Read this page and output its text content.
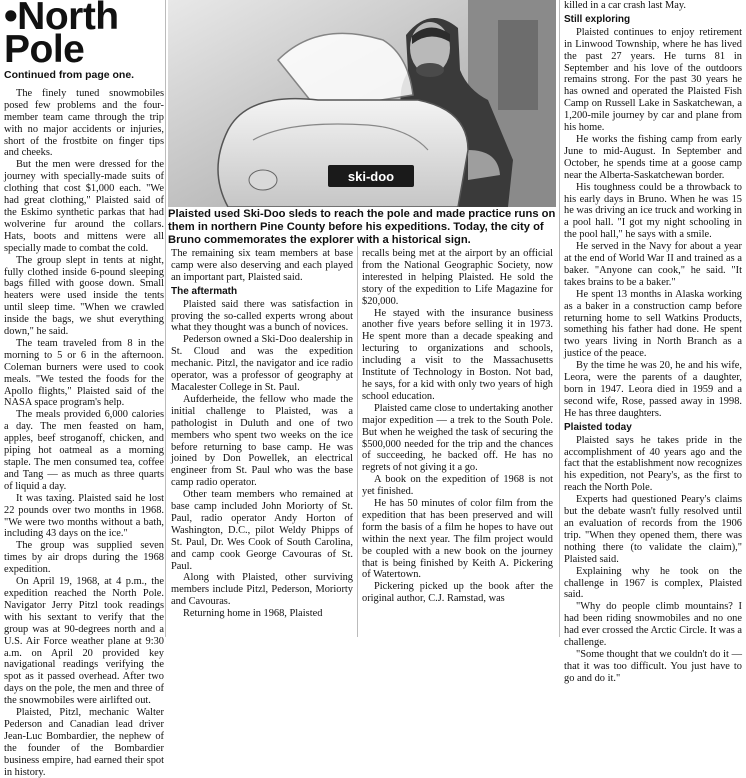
•North
Pole
Continued from page one.

The finely tuned snowmobiles posed few problems and the four-member team came through the trip with no major accidents or injuries, short of the frostbite on finger tips and cheeks.

But the men were dressed for the journey with specially-made suits of clothing that cost $1,000 each. "We had great clothing," Plaisted said of the Eskimo synthetic parkas that had wolverine fur around the collars. Hats, boots and mittens were all specially made to combat the cold.

The group slept in tents at night, fully clothed inside 6-pound sleeping bags filled with goose down. Small heaters were used inside the tents until sleep time. "When we crawled inside the bags, we shut everything down," he said.

The team traveled from 8 in the morning to 5 or 6 in the afternoon. Coleman burners were used to cook meals. "We tested the foods for the Apollo flights," Plaisted said of the NASA space program's help.

The meals provided 6,000 calories a day. The men feasted on ham, apples, beef stroganoff, chicken, and piping hot oatmeal as a morning staple. The men consumed tea, coffee and Tang — as much as three quarts of liquid a day.

It was taxing. Plaisted said he lost 22 pounds over two months in 1968. "We were two months without a bath, including 43 days on the ice."

The group was supplied seven times by air drops during the 1968 expedition.

On April 19, 1968, at 4 p.m., the expedition reached the North Pole. Navigator Jerry Pitzl took readings with his sextant to verify that the group was at 90-degrees north and a U.S. Air Force weather plane at 9:30 a.m. on April 20 provided key navigational readings verifying the spot as it passed overhead. After two days on the pole, the men and three of the snowmobiles were airlifted out.

Plaisted, Pitzl, mechanic Walter Pederson and Canadian lead driver Jean-Luc Bombardier, the nephew of the founder of the Bombardier business empire, had earned their spot in history.

ski-doo
Plaisted used Ski-Doo sleds to reach the pole and made practice runs on them in northern Pine County before his expeditions. Today, the city of Bruno commemorates the explorer with a historical sign.

The remaining six team members at base camp were also deserving and each played an important part, Plaisted said.

The aftermath

Plaisted said there was satisfaction in proving the so-called experts wrong about what they thought was a bunch of novices.

Pederson owned a Ski-Doo dealership in St. Cloud and was the expedition mechanic. Pitzl, the navigator and ice radio operator, was a professor of geography at Macalester College in St. Paul.

Aufderheide, the fellow who made the initial challenge to Plaisted, was a pathologist in Duluth and one of two members who spent two weeks on the ice before returning to base camp. He was joined by Don Powellek, an electrical engineer from St. Paul who was the base camp radio operator.

Other team members who remained at base camp included John Moriorty of St. Paul, radio operator Andy Horton of Washington, D.C., pilot Weldy Phipps of St. Paul, Dr. Wes Cook of South Carolina, and camp cook George Cavouras of St. Paul.

Along with Plaisted, other surviving members include Pitzl, Pederson, Moriorty and Cavouras.

Returning home in 1968, Plaisted

recalls being met at the airport by an official from the National Geographic Society, now interested in helping Plaisted. He sold the story of the expedition to Life Magazine for $20,000.

He stayed with the insurance business another five years before selling it in 1973. He spent more than a decade speaking and lecturing to organizations and schools, including a visit to the Massachusetts Institute of Technology in Boston. Not bad, he says, for a kid with only two years of high school education.

Plaisted came close to undertaking another major expedition — a trek to the South Pole. But when he weighed the task of securing the $500,000 needed for the trip and the chances of succeeding, he backed off. He has no regrets of not giving it a go.

A book on the expedition of 1968 is not yet finished.

He has 50 minutes of color film from the expedition that has been preserved and will form the basis of a film he hopes to have out within the next year. The film project would be coupled with a new book on the journey that is being finished by Keith A. Pickering of Watertown.

Pickering picked up the book after the original author, C.J. Ramstad, was

killed in a car crash last May.

Still exploring

Plaisted continues to enjoy retirement in Linwood Township, where he has lived the past 27 years. He turns 81 in September and his love of the outdoors remains strong. For the past 30 years he has owned and operated the Plaisted Fish Camp on Russell Lake in Saskatchewan, a 1,200-mile journey by car and plane from his home.

He works the fishing camp from early June to mid-August. In September and October, he spends time at a goose camp near the Alberta-Saskatchewan border.

His toughness could be a throwback to his early days in Bruno. When he was 15 he was driving an ice truck and working in a pool hall. "I got my night schooling in the pool hall," he says with a smile.

He served in the Navy for about a year at the end of World War II and trained as a baker. "Anyone can cook," he said. "It takes brains to be a baker."

He spent 13 months in Alaska working as a baker in a construction camp before returning home to sell Watkins Products, something his father had done. He spent two years living in North Branch as a justice of the peace.

By the time he was 20, he and his wife, Leora, were the parents of a daughter, born in 1947. Leora died in 1959 and a second wife, Rose, passed away in 1998. He has three daughters.

Plaisted today

Plaisted says he takes pride in the accomplishment of 40 years ago and the fact that the establishment now recognizes his expedition, not Peary's, as the first to reach the North Pole.

Experts had questioned Peary's claims but the debate wasn't fully resolved until an evaluation of records from the 1906 trip. "When they opened them, there was nothing there (to validate the claim)," Plaisted said.

Explaining why he took on the challenge in 1967 is complex, Plaisted said.

"Why do people climb mountains? I had been riding snowmobiles and no one had ever crossed the Arctic Circle. It was a challenge.

"Some thought that we couldn't do it — that it was too difficult. You just have to go and do it."
